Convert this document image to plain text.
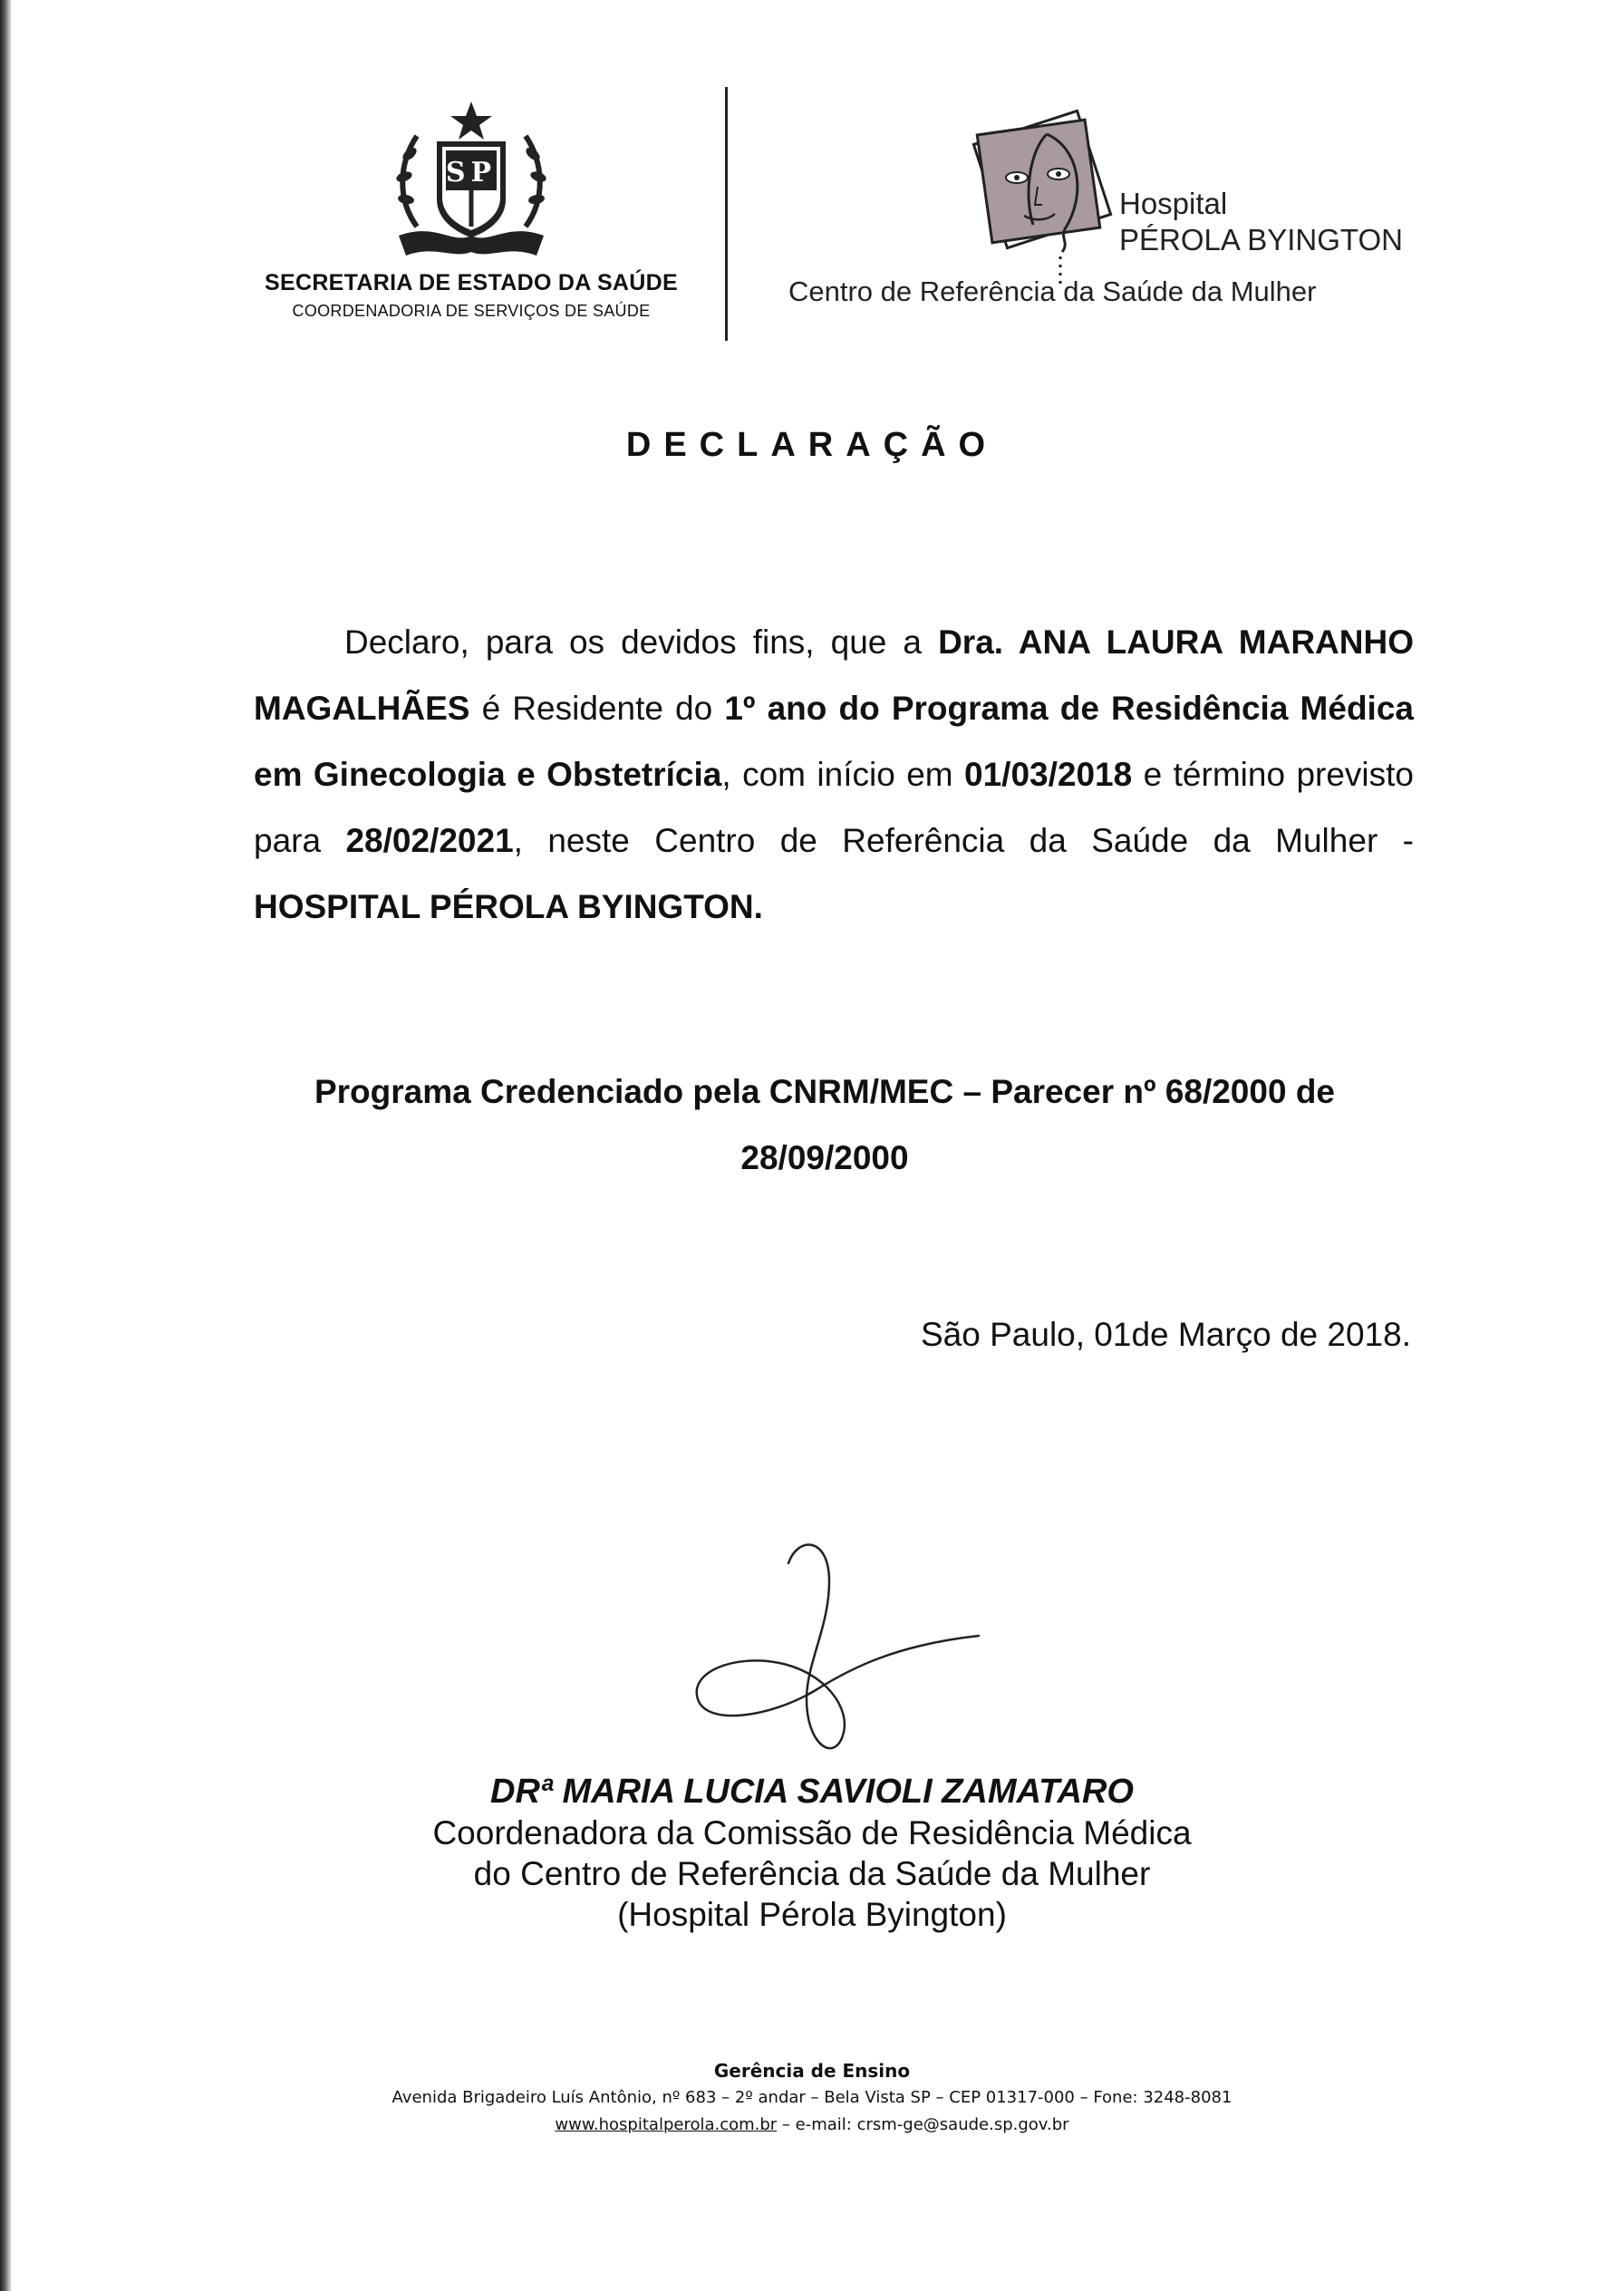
SP
SECRETARIA DE ESTADO DA SAÚDE
COORDENADORIA DE SERVIÇOS DE SAÚDE
Hospital
PÉROLA BYINGTON
Centro de Referência da Saúde da Mulher
DECLARAÇÃO
Declaro, para os devidos fins, que a Dra. ANA LAURA MARANHO MAGALHÃES é Residente do 1º ano do Programa de Residência Médica em Ginecologia e Obstetrícia, com início em 01/03/2018 e término previsto para 28/02/2021, neste Centro de Referência da Saúde da Mulher - HOSPITAL PÉROLA BYINGTON.
Programa Credenciado pela CNRM/MEC – Parecer nº 68/2000 de
28/09/2000
São Paulo, 01de Março de 2018.
DRª MARIA LUCIA SAVIOLI ZAMATARO
Coordenadora da Comissão de Residência Médica
do Centro de Referência da Saúde da Mulher
(Hospital Pérola Byington)
Gerência de Ensino
Avenida Brigadeiro Luís Antônio, nº 683 – 2º andar – Bela Vista SP – CEP 01317-000 – Fone: 3248-8081
www.hospitalperola.com.br – e-mail: crsm-ge@saude.sp.gov.br
